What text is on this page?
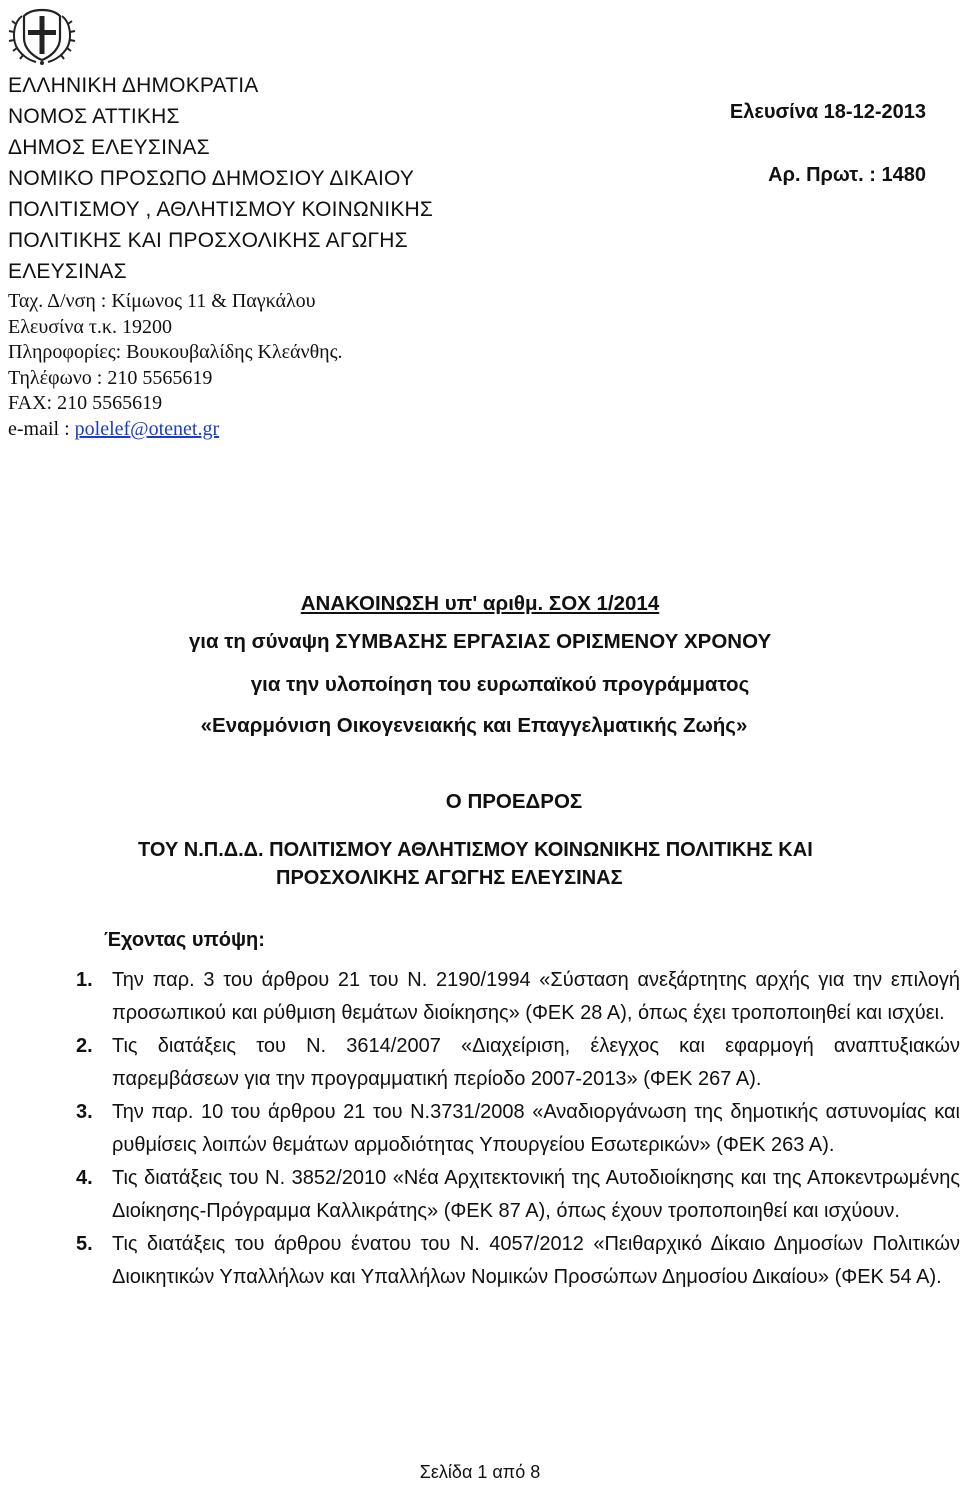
ΕΛΛΗΝΙΚΗ ΔΗΜΟΚΡΑΤΙΑ
ΝΟΜΟΣ ΑΤΤΙΚΗΣ
ΔΗΜΟΣ ΕΛΕΥΣΙΝΑΣ
ΝΟΜΙΚΟ ΠΡΟΣΩΠΟ ΔΗΜΟΣΙΟΥ ΔΙΚΑΙΟΥ
ΠΟΛΙΤΙΣΜΟΥ , ΑΘΛΗΤΙΣΜΟΥ ΚΟΙΝΩΝΙΚΗΣ
ΠΟΛΙΤΙΚΗΣ ΚΑΙ ΠΡΟΣΧΟΛΙΚΗΣ ΑΓΩΓΗΣ
ΕΛΕΥΣΙΝΑΣ
Ταχ. Δ/νση : Κίμωνος 11 & Παγκάλου
Ελευσίνα τ.κ. 19200
Πληροφορίες: Βουκουβαλίδης Κλεάνθης.
Τηλέφωνο : 210 5565619
FAX: 210 5565619
e-mail : polelef@otenet.gr
Ελευσίνα 18-12-2013
Αρ. Πρωτ. : 1480
ΑΝΑΚΟΙΝΩΣΗ υπ' αριθμ. ΣΟΧ 1/2014
για τη σύναψη ΣΥΜΒΑΣΗΣ ΕΡΓΑΣΙΑΣ ΟΡΙΣΜΕΝΟΥ ΧΡΟΝΟΥ
για την υλοποίηση του ευρωπαϊκού προγράμματος
«Εναρμόνιση Οικογενειακής και Επαγγελματικής Ζωής»
Ο ΠΡΟΕΔΡΟΣ
ΤΟΥ Ν.Π.Δ.Δ. ΠΟΛΙΤΙΣΜΟΥ ΑΘΛΗΤΙΣΜΟΥ ΚΟΙΝΩΝΙΚΗΣ ΠΟΛΙΤΙΚΗΣ ΚΑΙ
ΠΡΟΣΧΟΛΙΚΗΣ ΑΓΩΓΗΣ ΕΛΕΥΣΙΝΑΣ
Έχοντας υπόψη:
1. Την παρ. 3 του άρθρου 21 του Ν. 2190/1994 «Σύσταση ανεξάρτητης αρχής για την επιλογή προσωπικού και ρύθμιση θεμάτων διοίκησης» (ΦΕΚ 28 Α), όπως έχει τροποποιηθεί και ισχύει.
2. Τις διατάξεις του Ν. 3614/2007 «Διαχείριση, έλεγχος και εφαρμογή αναπτυξιακών παρεμβάσεων για την προγραμματική περίοδο 2007-2013» (ΦΕΚ 267 Α).
3. Την παρ. 10 του άρθρου 21 του Ν.3731/2008 «Αναδιοργάνωση της δημοτικής αστυνομίας και ρυθμίσεις λοιπών θεμάτων αρμοδιότητας Υπουργείου Εσωτερικών» (ΦΕΚ 263 Α).
4. Τις διατάξεις του Ν. 3852/2010 «Νέα Αρχιτεκτονική της Αυτοδιοίκησης και της Αποκεντρωμένης Διοίκησης-Πρόγραμμα Καλλικράτης» (ΦΕΚ 87 Α), όπως έχουν τροποποιηθεί και ισχύουν.
5. Τις διατάξεις του άρθρου ένατου του Ν. 4057/2012 «Πειθαρχικό Δίκαιο Δημοσίων Πολιτικών Διοικητικών Υπαλλήλων και Υπαλλήλων Νομικών Προσώπων Δημοσίου Δικαίου» (ΦΕΚ 54 Α).
Σελίδα 1 από 8
